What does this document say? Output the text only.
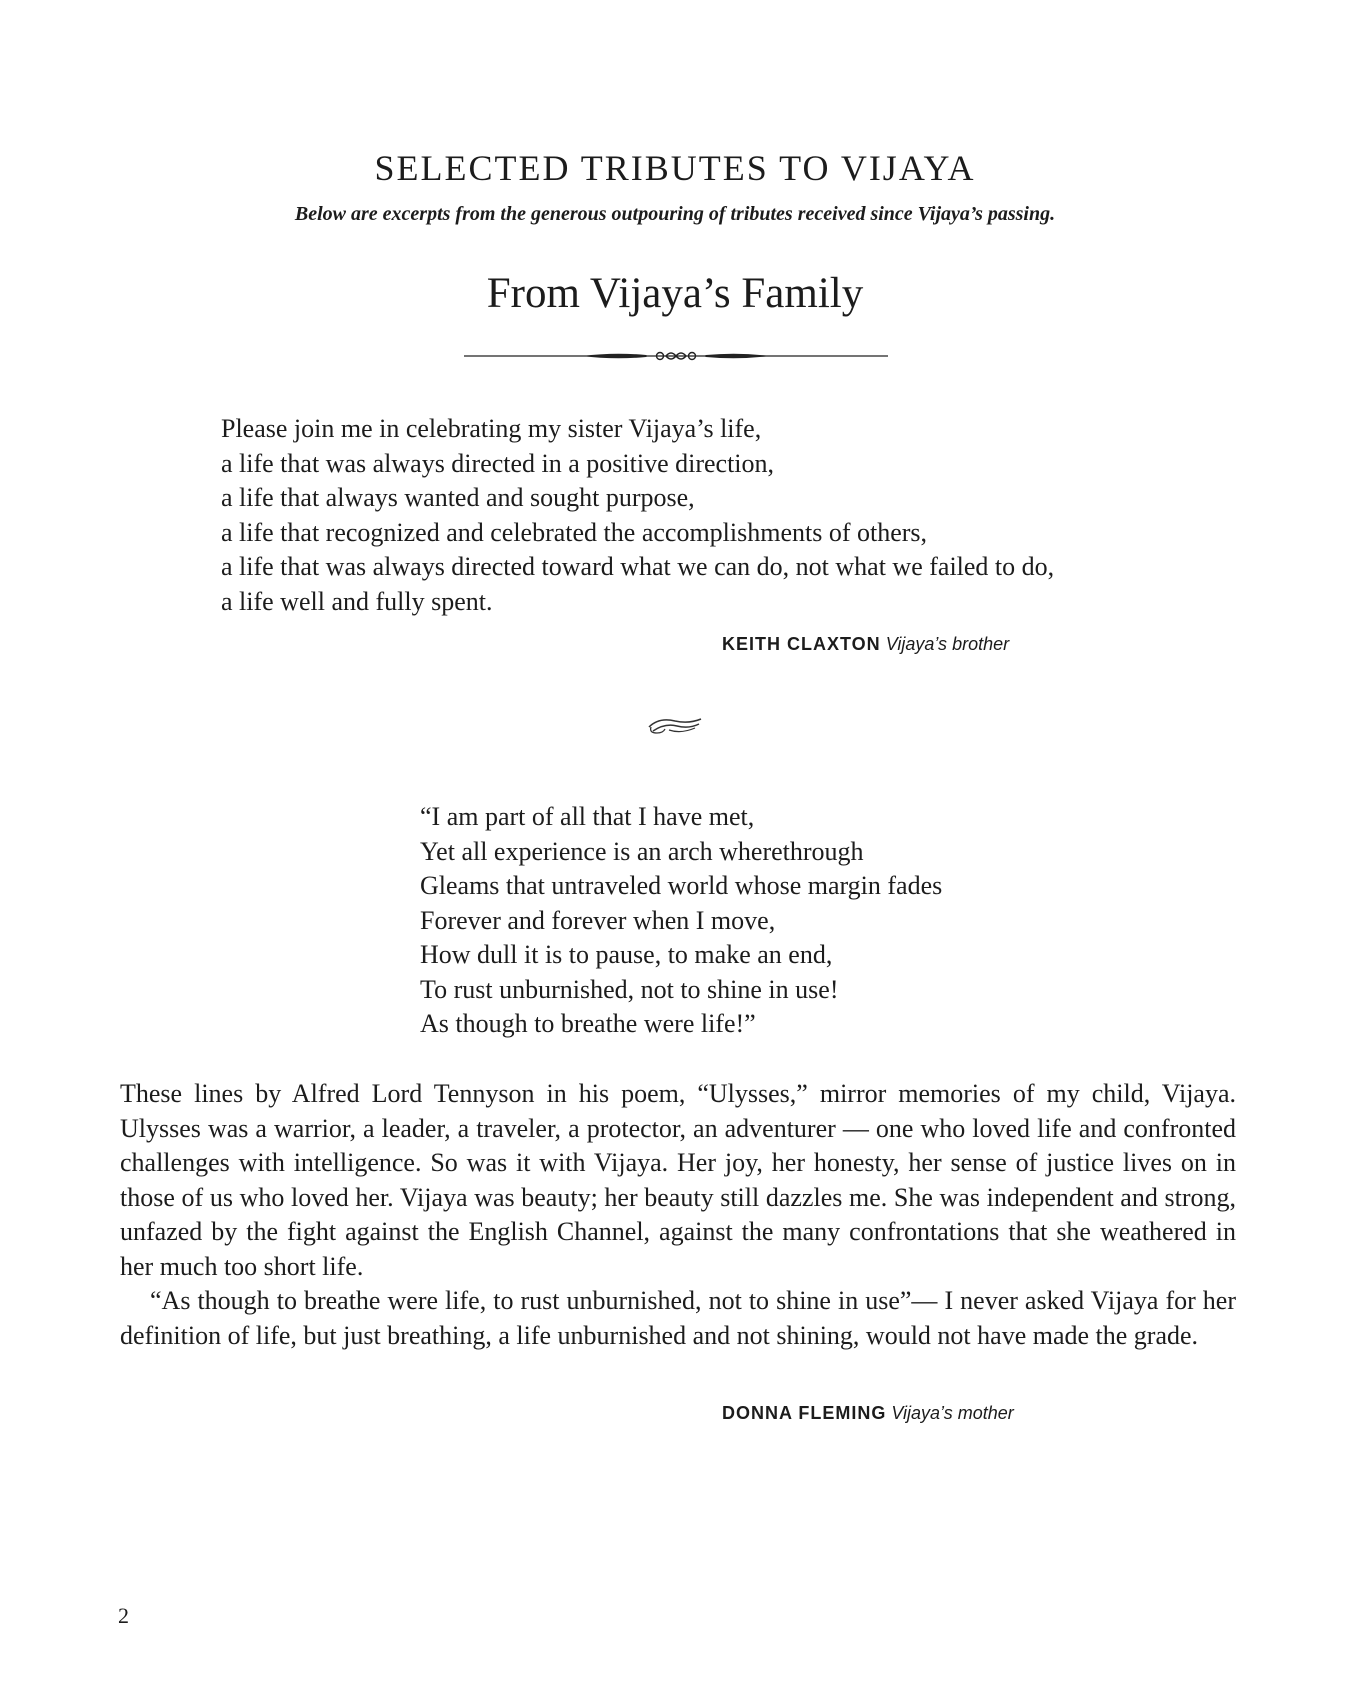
SELECTED TRIBUTES TO VIJAYA
Below are excerpts from the generous outpouring of tributes received since Vijaya’s passing.
From Vijaya’s Family
Please join me in celebrating my sister Vijaya’s life,
a life that was always directed in a positive direction,
a life that always wanted and sought purpose,
a life that recognized and celebrated the accomplishments of others,
a life that was always directed toward what we can do, not what we failed to do,
a life well and fully spent.
KEITH CLAXTON Vijaya’s brother
“I am part of all that I have met,
Yet all experience is an arch wherethrough
Gleams that untraveled world whose margin fades
Forever and forever when I move,
How dull it is to pause, to make an end,
To rust unburnished, not to shine in use!
As though to breathe were life!”

These lines by Alfred Lord Tennyson in his poem, “Ulysses,” mirror memories of my child, Vijaya. Ulysses was a warrior, a leader, a traveler, a protector, an adventurer — one who loved life and confronted challenges with intelligence. So was it with Vijaya. Her joy, her honesty, her sense of justice lives on in those of us who loved her. Vijaya was beauty; her beauty still dazzles me. She was independent and strong, unfazed by the fight against the English Channel, against the many confrontations that she weathered in her much too short life.

“As though to breathe were life, to rust unburnished, not to shine in use”— I never asked Vijaya for her definition of life, but just breathing, a life unburnished and not shining, would not have made the grade.

DONNA FLEMING Vijaya’s mother
2
